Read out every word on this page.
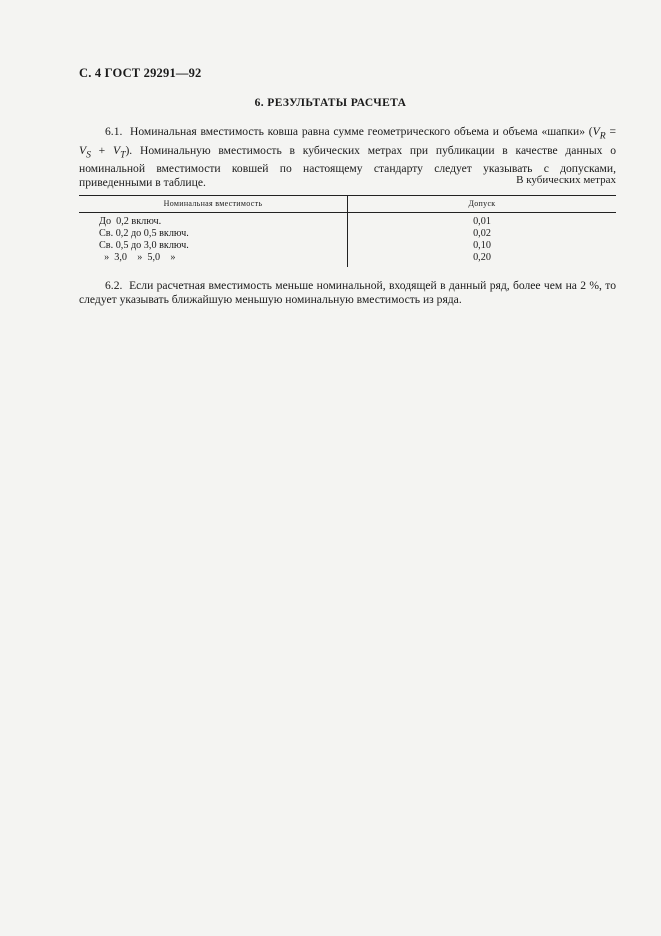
С. 4 ГОСТ 29291—92
6. РЕЗУЛЬТАТЫ РАСЧЕТА

6.1. Номинальная вместимость ковша равна сумме геометрического объема и объема «шапки» $(V_R = V_S + V_T)$. Номинальную вместимость в кубических метрах при публикации в качестве данных о номинальной вместимости ковшей по настоящему стандарту следует указывать с допусками, приведенными в таблице.	В кубических метрах
Номинальная вместимость	Допуск
До  0,2 включ.	0,01
Св. 0,2 до 0,5 включ.	0,02
Св. 0,5 до 3,0 включ.	0,10
»  3,0    »  5,0    »	0,20

6.2. Если расчетная вместимость меньше номинальной, входящей в данный ряд, более чем на 2 %, то следует указывать ближайшую меньшую номинальную вместимость из ряда.
